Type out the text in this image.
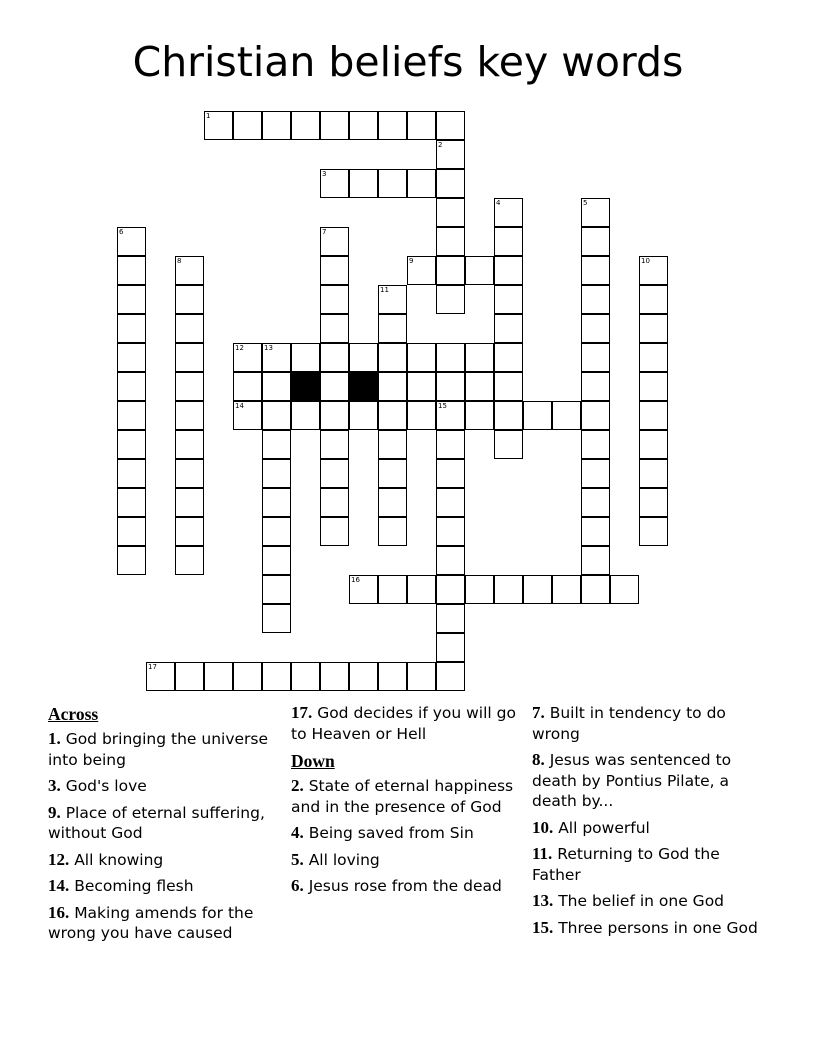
Christian beliefs key words
1
3
9
12	13
14	15
16
17
2
4	5
6	7
8	10
11
Across
1. God bringing the universe into being
3. God's love
9. Place of eternal suffering, without God
12. All knowing
14. Becoming flesh
16. Making amends for the wrong you have caused
17. God decides if you will go to Heaven or Hell
Down
2. State of eternal happiness and in the presence of God
4. Being saved from Sin
5. All loving
6. Jesus rose from the dead
7. Built in tendency to do wrong
8. Jesus was sentenced to death by Pontius Pilate, a death by...
10. All powerful
11. Returning to God the Father
13. The belief in one God
15. Three persons in one God
